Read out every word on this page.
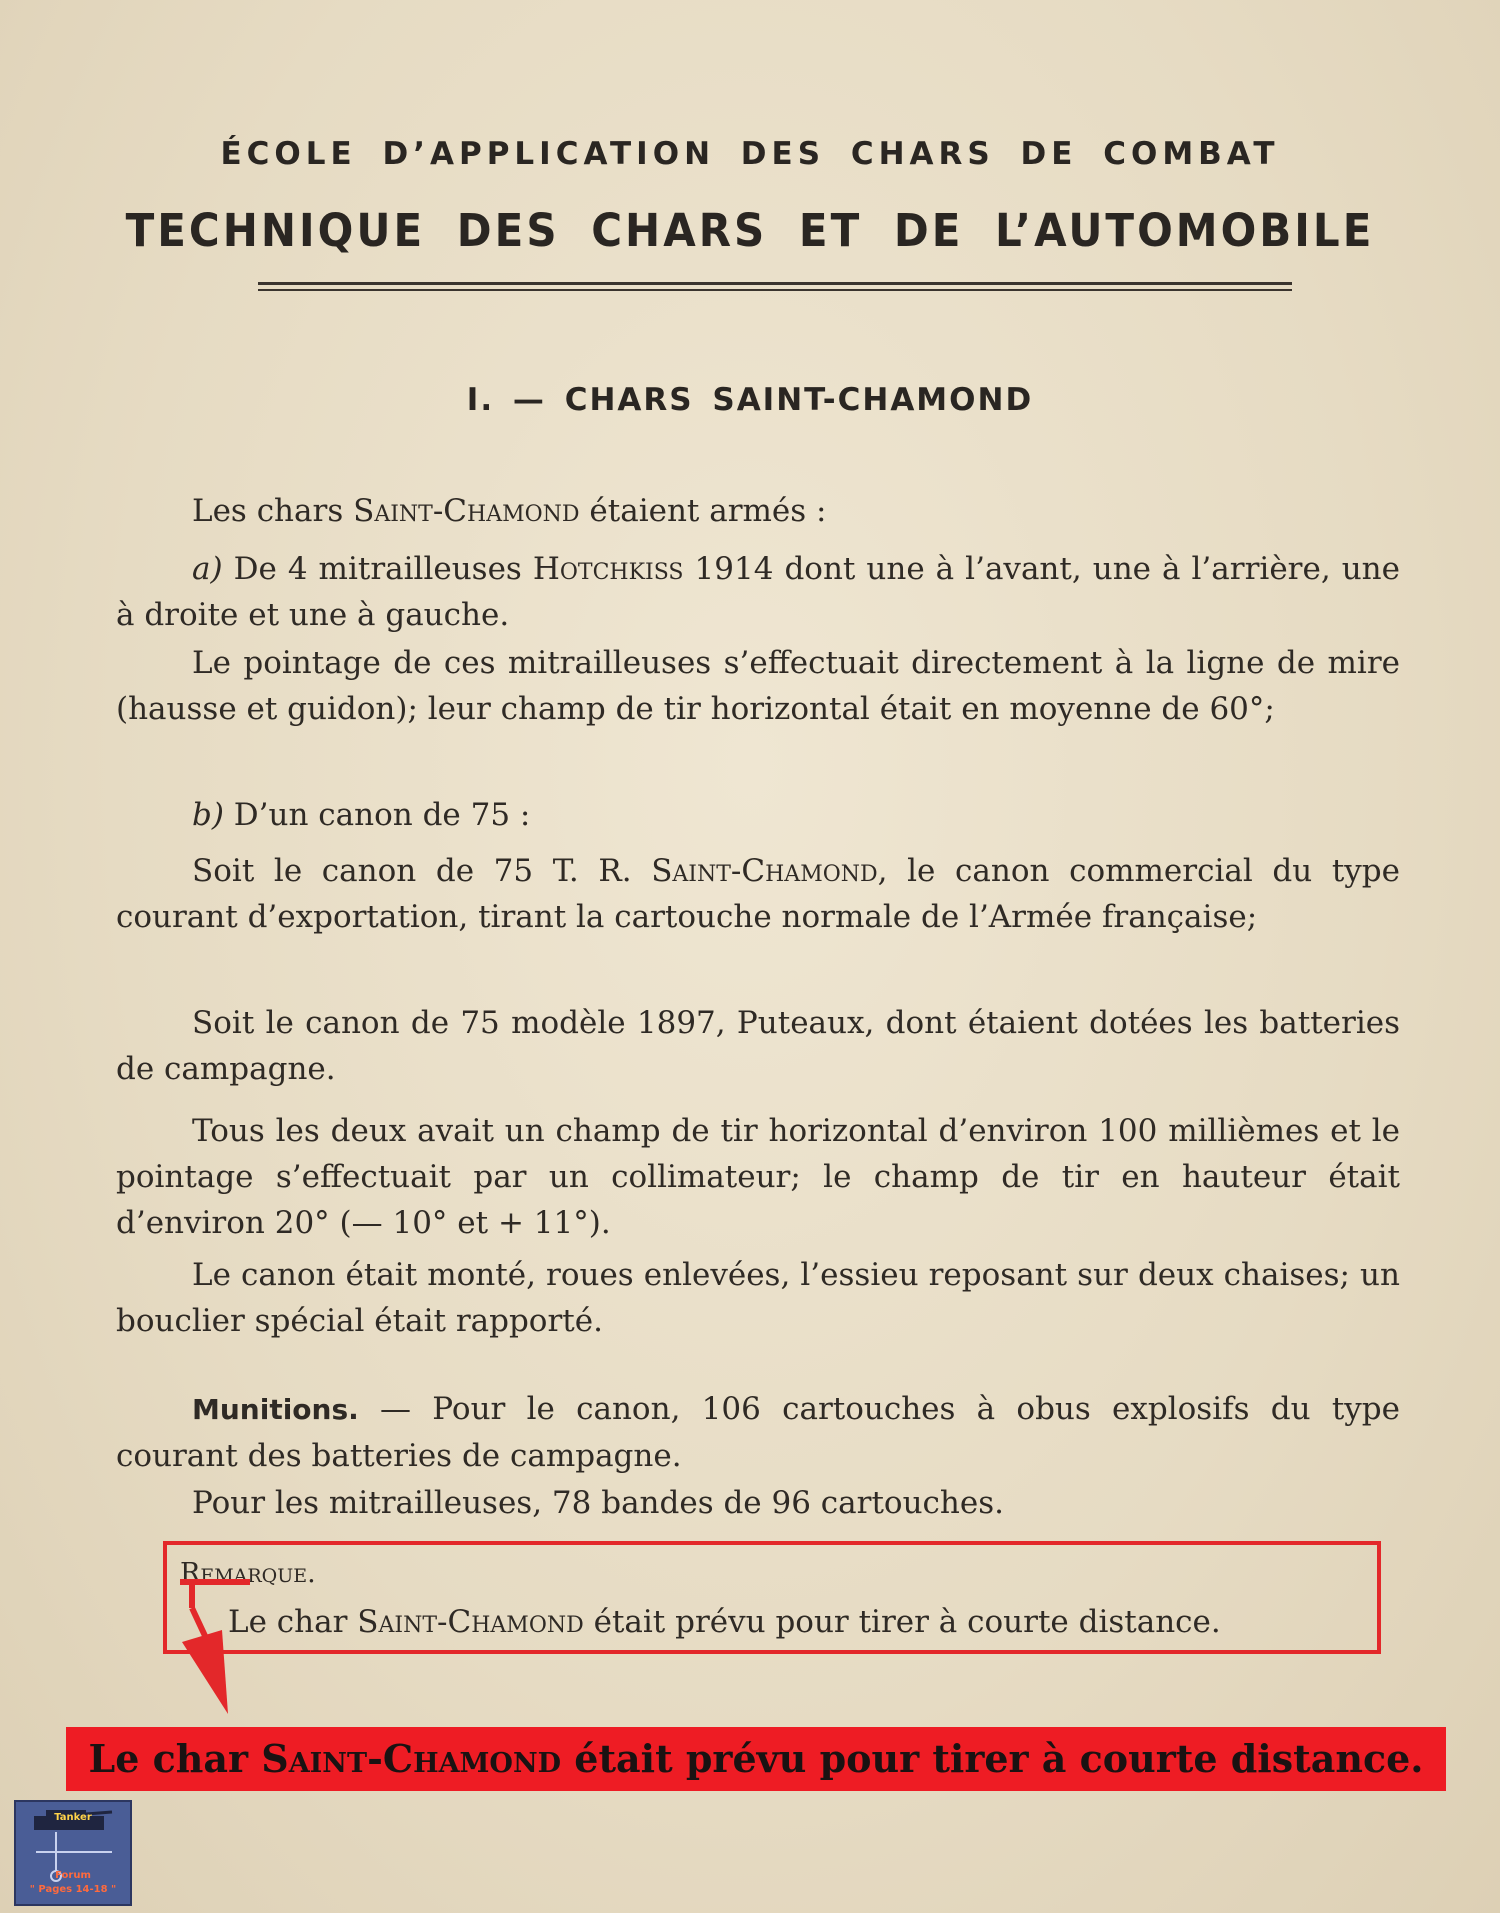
ÉCOLE D’APPLICATION DES CHARS DE COMBAT
TECHNIQUE DES CHARS ET DE L’AUTOMOBILE
I. — CHARS SAINT-CHAMOND
Les chars Saint-Chamond étaient armés :
a) De 4 mitrailleuses Hotchkiss 1914 dont une à l’avant, une à l’arrière, une à droite et une à gauche.
Le pointage de ces mitrailleuses s’effectuait directement à la ligne de mire (hausse et guidon); leur champ de tir horizontal était en moyenne de 60°;
b) D’un canon de 75 :
Soit le canon de 75 T. R. Saint-Chamond, le canon commercial du type courant d’exportation, tirant la cartouche normale de l’Armée française;
Soit le canon de 75 modèle 1897, Puteaux, dont étaient dotées les batteries de campagne.
Tous les deux avait un champ de tir horizontal d’environ 100 millièmes et le pointage s’effectuait par un collimateur; le champ de tir en hauteur était d’environ 20° (— 10° et + 11°).
Le canon était monté, roues enlevées, l’essieu reposant sur deux chaises; un bouclier spécial était rapporté.
Munitions. — Pour le canon, 106 cartouches à obus explosifs du type courant des batteries de campagne.
Pour les mitrailleuses, 78 bandes de 96 cartouches.
Remarque.
Le char Saint-Chamond était prévu pour tirer à courte distance.
Le char Saint-Chamond était prévu pour tirer à courte distance.
Tanker
Forum
" Pages 14-18 "
